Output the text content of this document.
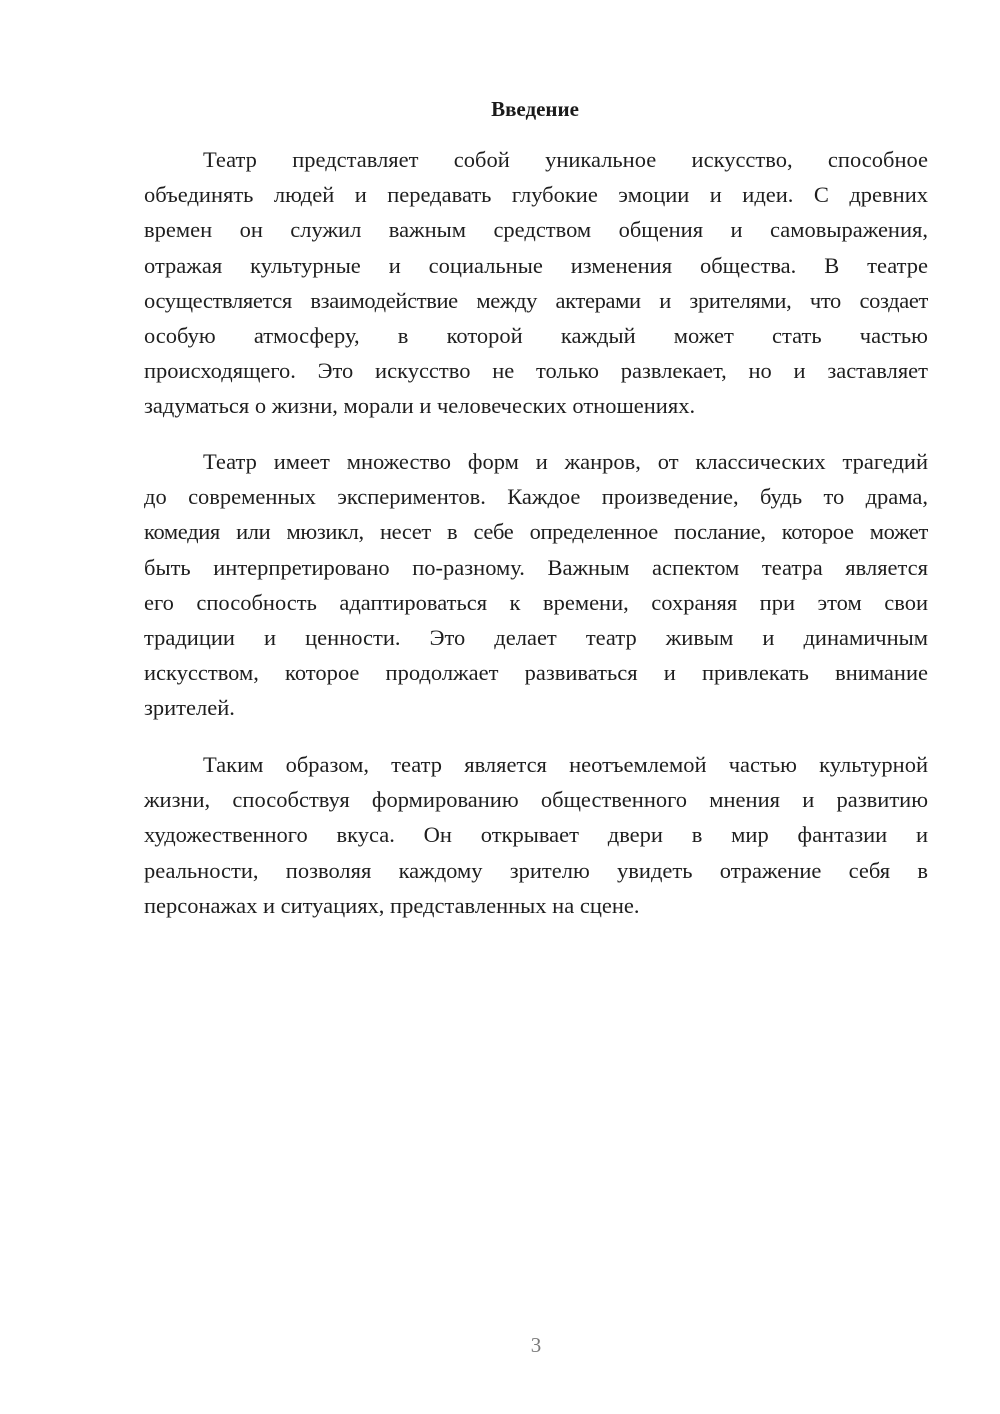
Введение
Театр представляет собой уникальное искусство, способное
объединять людей и передавать глубокие эмоции и идеи. С древних
времен он служил важным средством общения и самовыражения,
отражая культурные и социальные изменения общества. В театре
осуществляется взаимодействие между актерами и зрителями, что создает
особую атмосферу, в которой каждый может стать частью
происходящего. Это искусство не только развлекает, но и заставляет
задуматься о жизни, морали и человеческих отношениях.
Театр имеет множество форм и жанров, от классических трагедий
до современных экспериментов. Каждое произведение, будь то драма,
комедия или мюзикл, несет в себе определенное послание, которое может
быть интерпретировано по-разному. Важным аспектом театра является
его способность адаптироваться к времени, сохраняя при этом свои
традиции и ценности. Это делает театр живым и динамичным
искусством, которое продолжает развиваться и привлекать внимание
зрителей.
Таким образом, театр является неотъемлемой частью культурной
жизни, способствуя формированию общественного мнения и развитию
художественного вкуса. Он открывает двери в мир фантазии и
реальности, позволяя каждому зрителю увидеть отражение себя в
персонажах и ситуациях, представленных на сцене.
3
